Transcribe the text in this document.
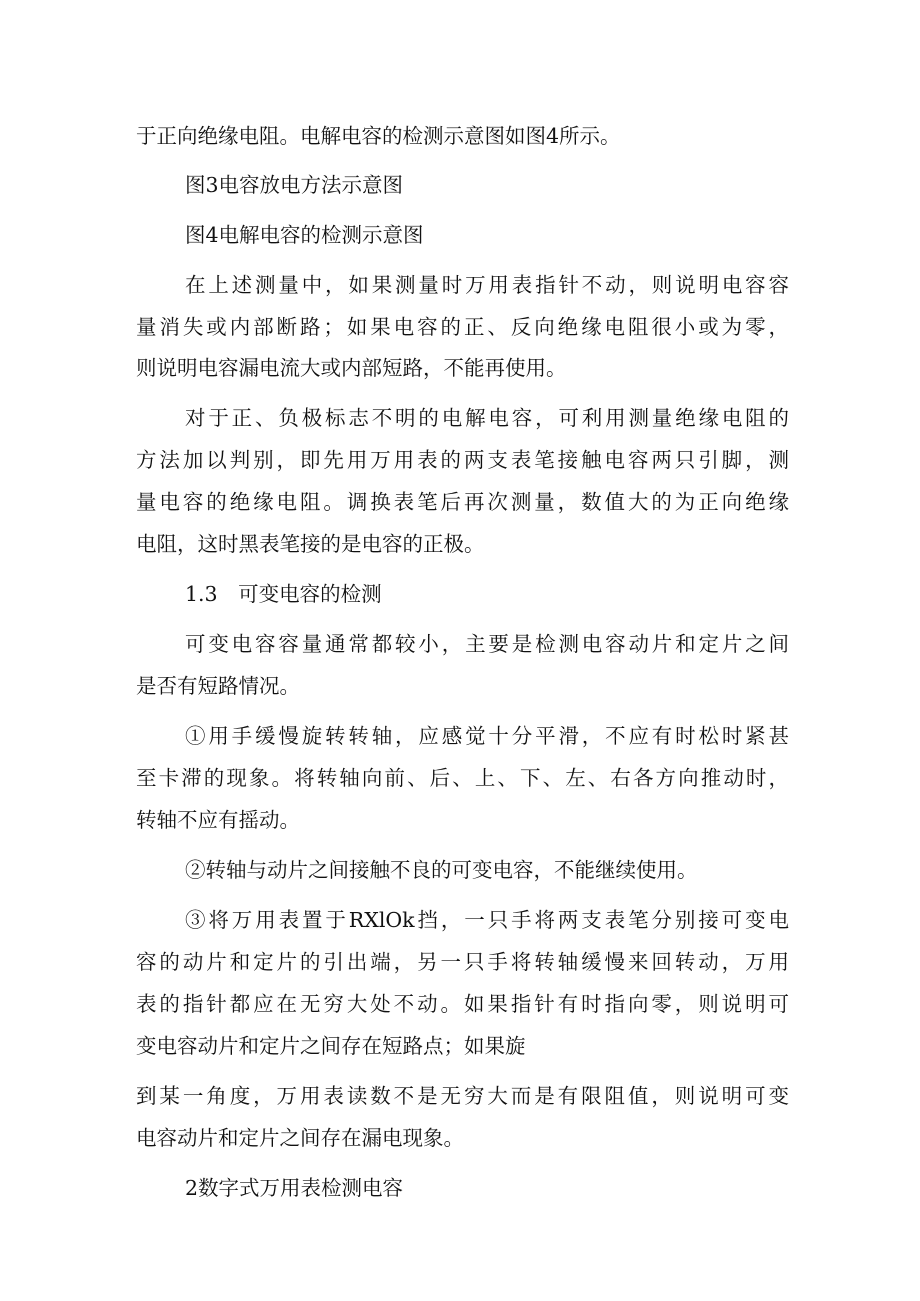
于正向绝缘电阻。电解电容的检测示意图如图4所示。
图3电容放电方法示意图
图4电解电容的检测示意图
在上述测量中，如果测量时万用表指针不动，则说明电容容
量消失或内部断路；如果电容的正、反向绝缘电阻很小或为零，
则说明电容漏电流大或内部短路，不能再使用。
对于正、负极标志不明的电解电容，可利用测量绝缘电阻的
方法加以判别，即先用万用表的两支表笔接触电容两只引脚，测
量电容的绝缘电阻。调换表笔后再次测量，数值大的为正向绝缘
电阻，这时黑表笔接的是电容的正极。
1.3　可变电容的检测
可变电容容量通常都较小，主要是检测电容动片和定片之间
是否有短路情况。
①用手缓慢旋转转轴，应感觉十分平滑，不应有时松时紧甚
至卡滞的现象。将转轴向前、后、上、下、左、右各方向推动时，
转轴不应有摇动。
②转轴与动片之间接触不良的可变电容，不能继续使用。
③将万用表置于RXlOk挡，一只手将两支表笔分别接可变电
容的动片和定片的引出端，另一只手将转轴缓慢来回转动，万用
表的指针都应在无穷大处不动。如果指针有时指向零，则说明可
变电容动片和定片之间存在短路点；如果旋
到某一角度，万用表读数不是无穷大而是有限阻值，则说明可变
电容动片和定片之间存在漏电现象。
2数字式万用表检测电容
